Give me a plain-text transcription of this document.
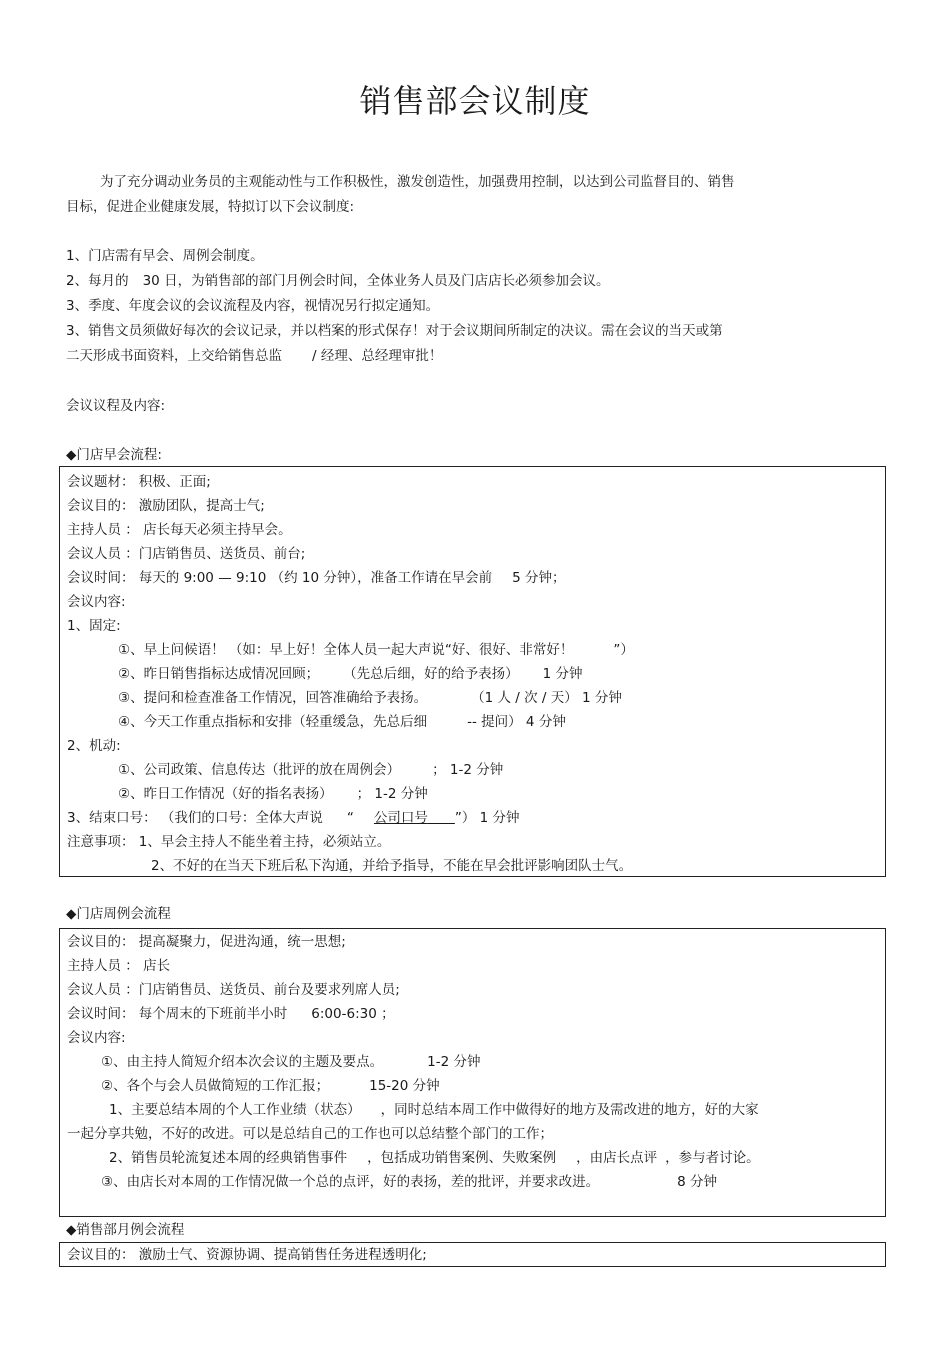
销售部会议制度
为了充分调动业务员的主观能动性与工作积极性，激发创造性，加强费用控制，以达到公司监督目的、销售
目标，促进企业健康发展，特拟订以下会议制度:
1、门店需有早会、周例会制度。
2、每月的 30 日，为销售部的部门月例会时间，全体业务人员及门店店长必须参加会议。
3、季度、年度会议的会议流程及内容，视情况另行拟定通知。
3、销售文员须做好每次的会议记录，并以档案的形式保存！对于会议期间所制定的决议。需在会议的当天或第
二天形成书面资料，上交给销售总监 / 经理、总经理审批！
会议议程及内容:
◆门店早会流程:
会议题材： 积极、正面;
会议目的： 激励团队，提高士气;
主持人员 ： 店长每天必须主持早会。
会议人员 ：门店销售员、送货员、前台;
会议时间： 每天的 9:00 — 9:10 （约 10 分钟），准备工作请在早会前 5 分钟；
会议内容:
1、固定:
①、早上问候语！ （如：早上好！全体人员一起大声说“好、很好、非常好！	”）
②、昨日销售指标达成情况回顾； （先总后细，好的给予表扬） 1 分钟
③、提问和检查准备工作情况，回答准确给予表扬。	（1 人 / 次 / 天） 1 分钟
④、今天工作重点指标和安排（轻重缓急，先总后细	-- 提问） 4 分钟
2、机动:
①、公司政策、信息传达（批评的放在周例会） ； 1-2 分钟
②、昨日工作情况（好的指名表扬） ； 1-2 分钟
3、结束口号： （我们的口号：全体大声说 “ 公司口号   ”） 1 分钟
注意事项： 1、早会主持人不能坐着主持，必须站立。
2、不好的在当天下班后私下沟通，并给予指导，不能在早会批评影响团队士气。
◆门店周例会流程
会议目的： 提高凝聚力，促进沟通，统一思想;
主持人员 ： 店长
会议人员 ：门店销售员、送货员、前台及要求列席人员;
会议时间： 每个周末的下班前半小时 6:00-6:30 ；
会议内容:
①、由主持人简短介绍本次会议的主题及要点。	1-2 分钟
②、各个与会人员做简短的工作汇报；	15-20 分钟
1、主要总结本周的个人工作业绩（状态） ，同时总结本周工作中做得好的地方及需改进的地方，好的大家
一起分享共勉，不好的改进。可以是总结自己的工作也可以总结整个部门的工作；
2、销售员轮流复述本周的经典销售事件 ，包括成功销售案例、失败案例 ，由店长点评 ，参与者讨论。
③、由店长对本周的工作情况做一个总的点评，好的表扬，差的批评，并要求改进。	8 分钟
◆销售部月例会流程
会议目的： 激励士气、资源协调、提高销售任务进程透明化;
